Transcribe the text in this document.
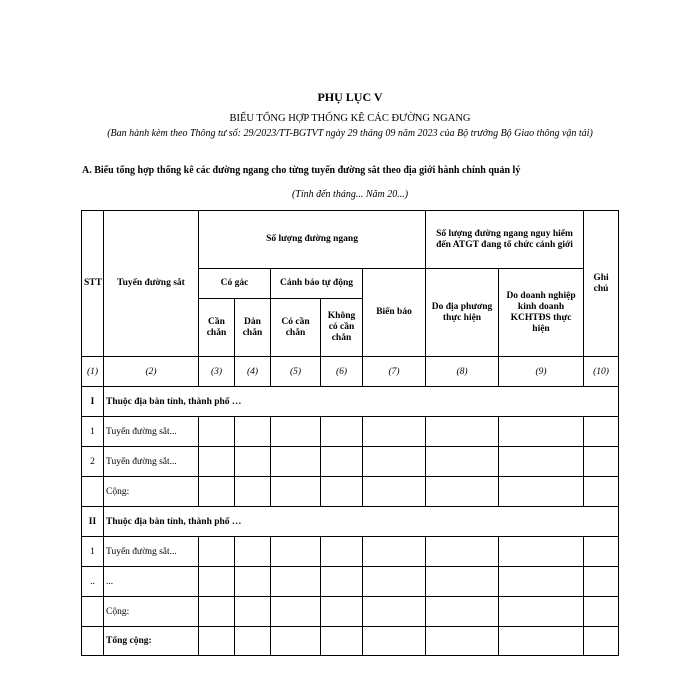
PHỤ LỤC V
BIỂU TỔNG HỢP THỐNG KÊ CÁC ĐƯỜNG NGANG
(Ban hành kèm theo Thông tư số: 29/2023/TT-BGTVT ngày 29 tháng 09 năm 2023 của Bộ trưởng Bộ Giao thông vận tải)
A. Biểu tổng hợp thống kê các đường ngang cho từng tuyến đường sắt theo địa giới hành chính quản lý
(Tính đến tháng... Năm 20...)
STT	Tuyến đường sắt	Số lượng đường ngang					Số lượng đường ngang nguy hiểm đến ATGT đang tổ chức cảnh giới		Ghi chú
		Có gác		Cảnh báo tự động		Biển báo	Do địa phương thực hiện	Do doanh nghiệp kinh doanh KCHTĐS thực hiện	
		Cần chắn	Dàn chắn	Có cần chắn	Không có cần chắn				
(1)	(2)	(3)	(4)	(5)	(6)	(7)	(8)	(9)	(10)
I	Thuộc địa bàn tỉnh, thành phố …								
1	Tuyến đường sắt...								
2	Tuyến đường sắt...								
	Cộng:								
II	Thuộc địa bàn tỉnh, thành phố …								
1	Tuyến đường sắt...								
..	...								
	Cộng:								
	Tổng cộng:								
